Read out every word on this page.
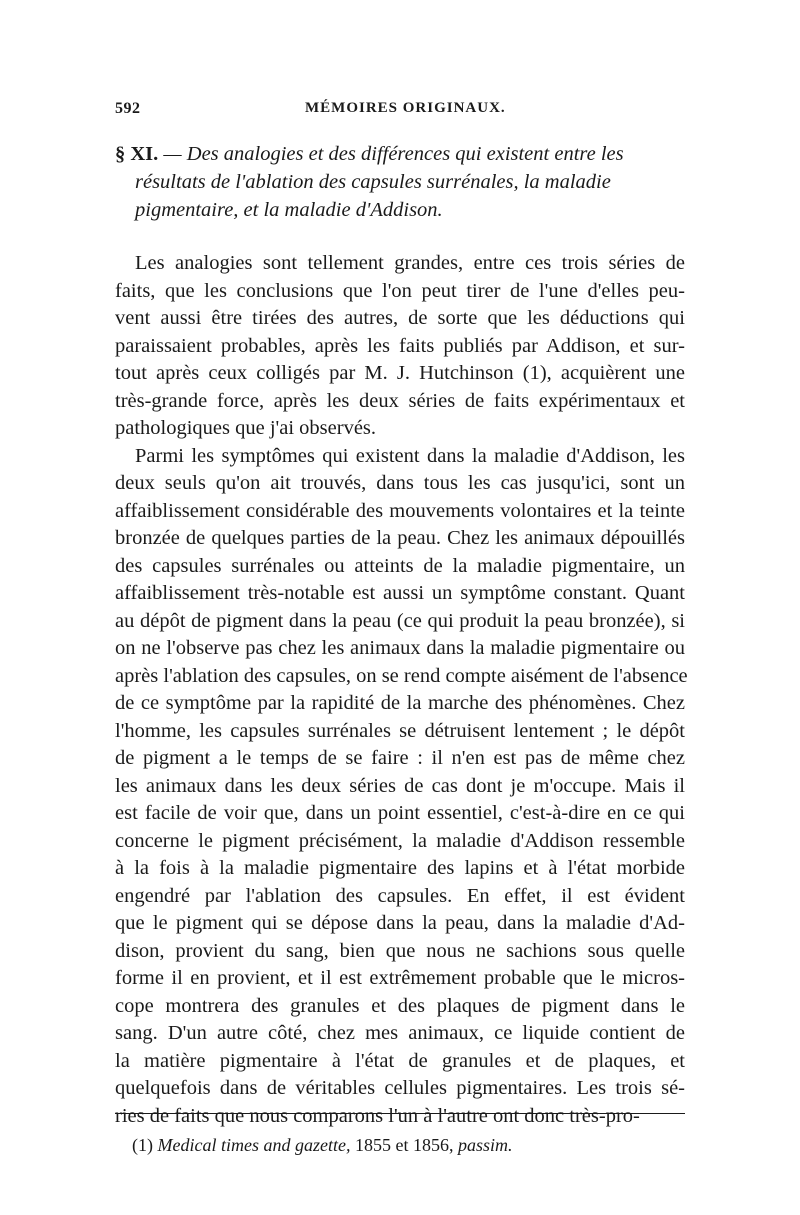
592	MÉMOIRES ORIGINAUX.
§ XI. — Des analogies et des différences qui existent entre les
résultats de l'ablation des capsules surrénales, la maladie
pigmentaire, et la maladie d'Addison.
Les analogies sont tellement grandes, entre ces trois séries de
faits, que les conclusions que l'on peut tirer de l'une d'elles peu-
vent aussi être tirées des autres, de sorte que les déductions qui
paraissaient probables, après les faits publiés par Addison, et sur-
tout après ceux colligés par M. J. Hutchinson (1), acquièrent une
très-grande force, après les deux séries de faits expérimentaux et
pathologiques que j'ai observés.
Parmi les symptômes qui existent dans la maladie d'Addison, les
deux seuls qu'on ait trouvés, dans tous les cas jusqu'ici, sont un
affaiblissement considérable des mouvements volontaires et la teinte
bronzée de quelques parties de la peau. Chez les animaux dépouillés
des capsules surrénales ou atteints de la maladie pigmentaire, un
affaiblissement très-notable est aussi un symptôme constant. Quant
au dépôt de pigment dans la peau (ce qui produit la peau bronzée), si
on ne l'observe pas chez les animaux dans la maladie pigmentaire ou
après l'ablation des capsules, on se rend compte aisément de l'absence
de ce symptôme par la rapidité de la marche des phénomènes. Chez
l'homme, les capsules surrénales se détruisent lentement ; le dépôt
de pigment a le temps de se faire : il n'en est pas de même chez
les animaux dans les deux séries de cas dont je m'occupe. Mais il
est facile de voir que, dans un point essentiel, c'est-à-dire en ce qui
concerne le pigment précisément, la maladie d'Addison ressemble
à la fois à la maladie pigmentaire des lapins et à l'état morbide
engendré par l'ablation des capsules. En effet, il est évident
que le pigment qui se dépose dans la peau, dans la maladie d'Ad-
dison, provient du sang, bien que nous ne sachions sous quelle
forme il en provient, et il est extrêmement probable que le micros-
cope montrera des granules et des plaques de pigment dans le
sang. D'un autre côté, chez mes animaux, ce liquide contient de
la matière pigmentaire à l'état de granules et de plaques, et
quelquefois dans de véritables cellules pigmentaires. Les trois sé-
ries de faits que nous comparons l'un à l'autre ont donc très-pro-
(1) Medical times and gazette, 1855 et 1856, passim.
